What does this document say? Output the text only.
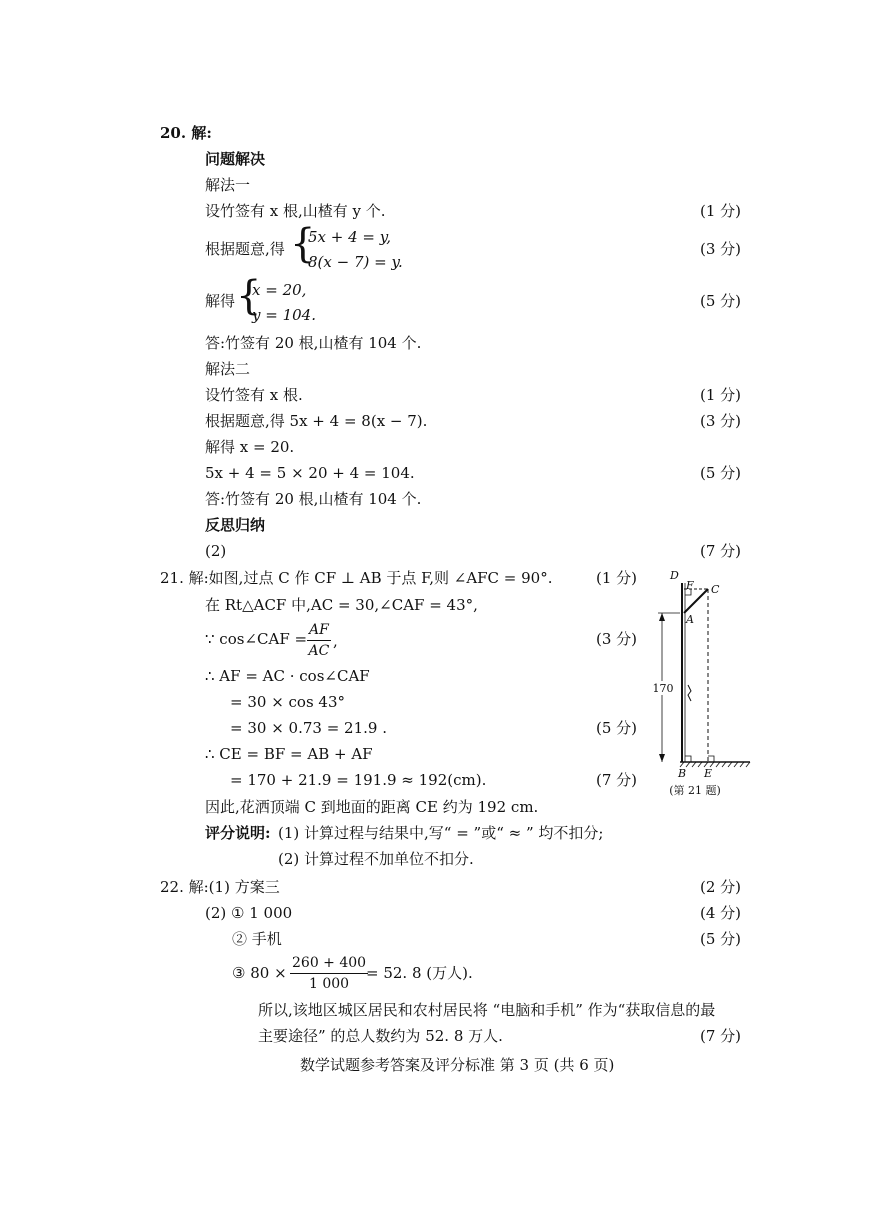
20. 解:
问题解决
解法一
设竹签有 x 根,山楂有 y 个.	(1 分)
根据题意,得 {
5x + 4 = y,
8(x − 7) = y.
(3 分)
解得 {
x = 20,
y = 104.
(5 分)
答:竹签有 20 根,山楂有 104 个.
解法二
设竹签有 x 根.	(1 分)
根据题意,得 5x + 4 = 8(x − 7).	(3 分)
解得 x = 20.
5x + 4 = 5 × 20 + 4 = 104.	(5 分)
答:竹签有 20 根,山楂有 104 个.
反思归纳
(2)	(7 分)
21. 解:如图,过点 C 作 CF ⊥ AB 于点 F,则 ∠AFC = 90°.	(1 分)
在 Rt△ACF 中,AC = 30,∠CAF = 43°,
∵ cos∠CAF = $\frac{AF}{AC}$ ,	(3 分)
∴ AF = AC · cos∠CAF
= 30 × cos 43°
= 30 × 0.73 = 21.9 .	(5 分)
∴ CE = BF = AB + AF
= 170 + 21.9 = 191.9 ≈ 192(cm).	(7 分)
因此,花洒顶端 C 到地面的距离 CE 约为 192 cm.
评分说明: (1) 计算过程与结果中,写“ = ”或“ ≈ ” 均不扣分;
(2) 计算过程不加单位不扣分.
170
D
F C
A
B E
(第 21 题)
22. 解:(1) 方案三	(2 分)
(2) ① 1 000	(4 分)
② 手机	(5 分)
③ $80 \times \frac{260 + 400}{1 000}$
= 52. 8 (万人).
所以,该地区城区居民和农村居民将 “电脑和手机” 作为“获取信息的最
主要途径” 的总人数约为 52. 8 万人.	(7 分)
数学试题参考答案及评分标准 第 3 页 (共 6 页)
